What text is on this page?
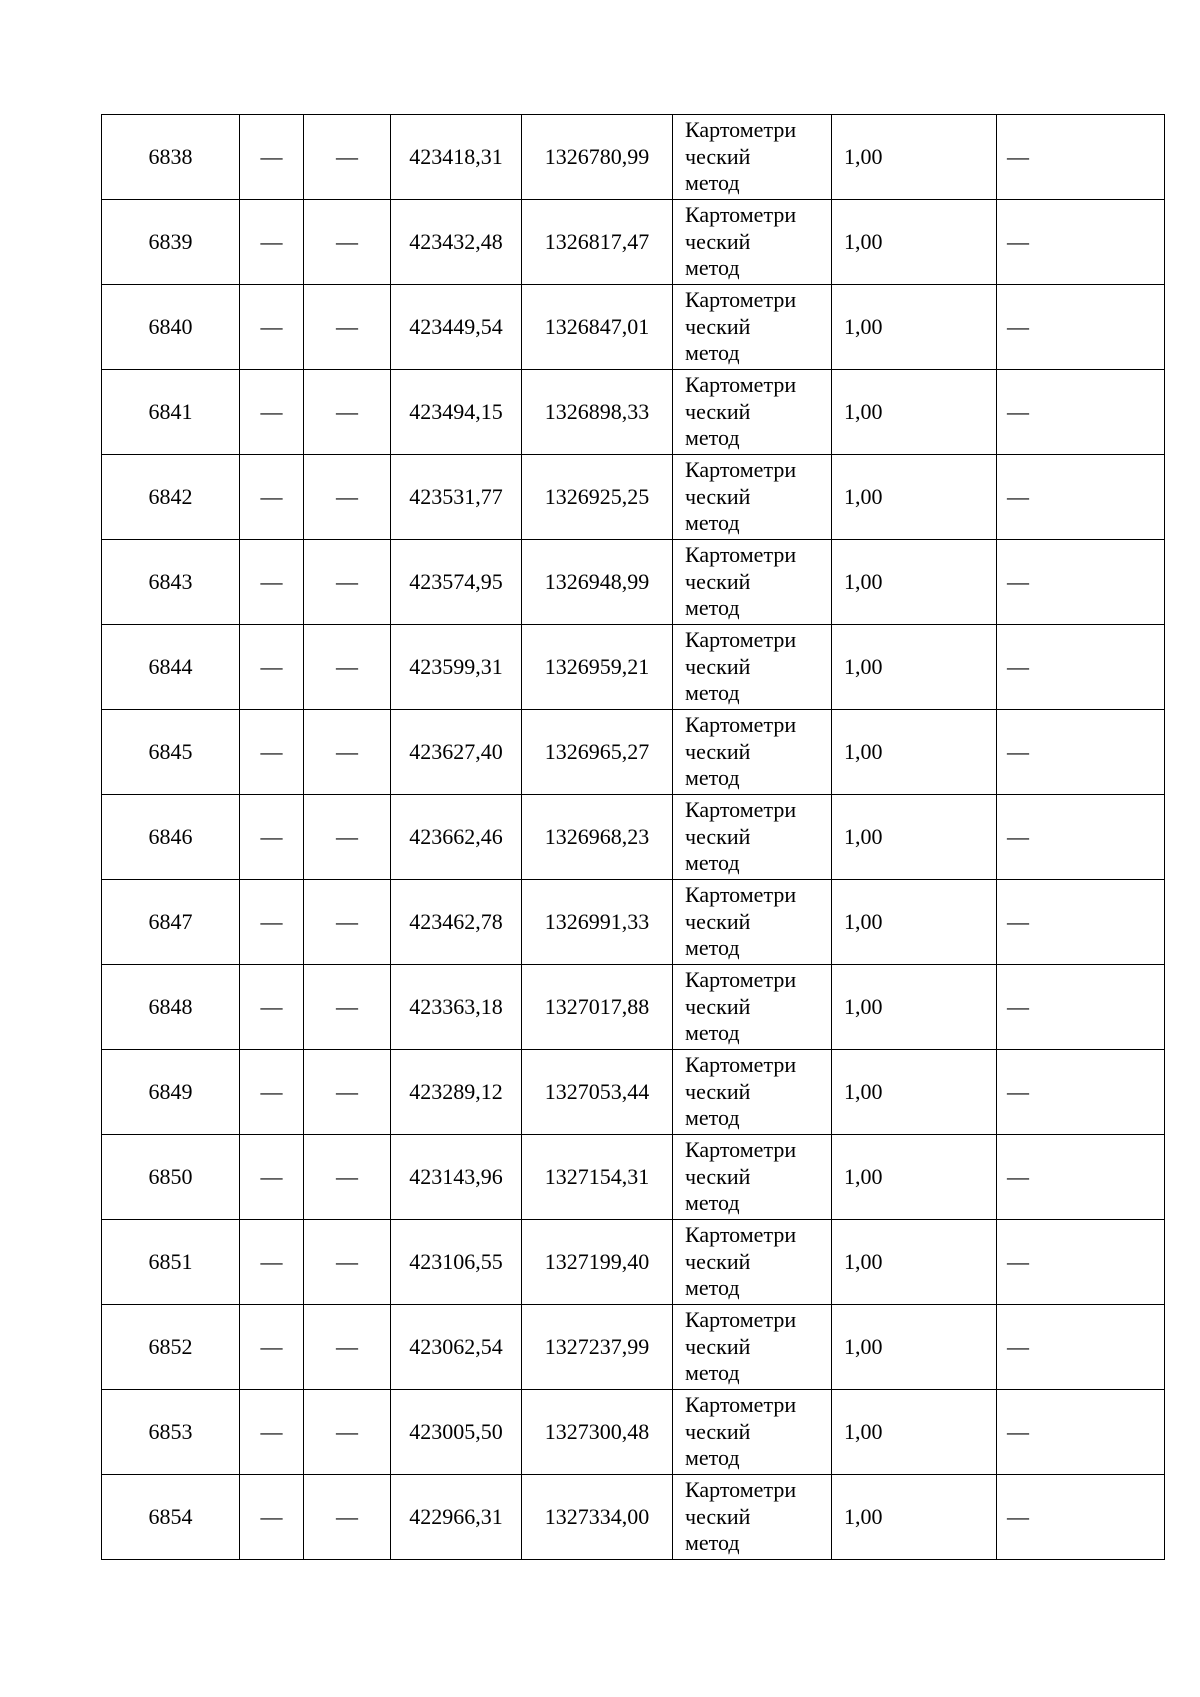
6838	—	—	423418,31	1326780,99	Картометри
ческий
метод	1,00	—
6839	—	—	423432,48	1326817,47	Картометри
ческий
метод	1,00	—
6840	—	—	423449,54	1326847,01	Картометри
ческий
метод	1,00	—
6841	—	—	423494,15	1326898,33	Картометри
ческий
метод	1,00	—
6842	—	—	423531,77	1326925,25	Картометри
ческий
метод	1,00	—
6843	—	—	423574,95	1326948,99	Картометри
ческий
метод	1,00	—
6844	—	—	423599,31	1326959,21	Картометри
ческий
метод	1,00	—
6845	—	—	423627,40	1326965,27	Картометри
ческий
метод	1,00	—
6846	—	—	423662,46	1326968,23	Картометри
ческий
метод	1,00	—
6847	—	—	423462,78	1326991,33	Картометри
ческий
метод	1,00	—
6848	—	—	423363,18	1327017,88	Картометри
ческий
метод	1,00	—
6849	—	—	423289,12	1327053,44	Картометри
ческий
метод	1,00	—
6850	—	—	423143,96	1327154,31	Картометри
ческий
метод	1,00	—
6851	—	—	423106,55	1327199,40	Картометри
ческий
метод	1,00	—
6852	—	—	423062,54	1327237,99	Картометри
ческий
метод	1,00	—
6853	—	—	423005,50	1327300,48	Картометри
ческий
метод	1,00	—
6854	—	—	422966,31	1327334,00	Картометри
ческий
метод	1,00	—
